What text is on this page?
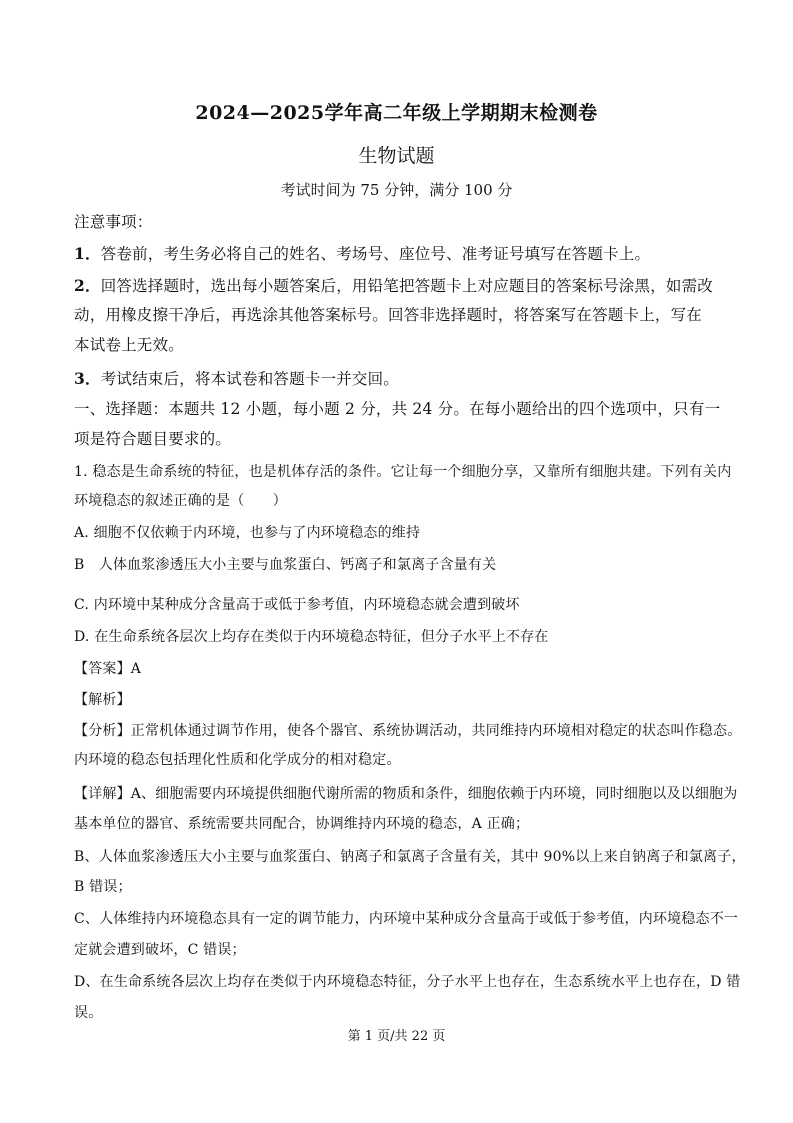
2024—2025学年高二年级上学期期末检测卷
生物试题
考试时间为 75 分钟，满分 100 分
注意事项：
1．答卷前，考生务必将自己的姓名、考场号、座位号、准考证号填写在答题卡上。
2．回答选择题时，选出每小题答案后，用铅笔把答题卡上对应题目的答案标号涂黑，如需改
动，用橡皮擦干净后，再选涂其他答案标号。回答非选择题时，将答案写在答题卡上，写在
本试卷上无效。
3．考试结束后，将本试卷和答题卡一并交回。
一、选择题：本题共 12 小题，每小题 2 分，共 24 分。在每小题给出的四个选项中，只有一
项是符合题目要求的。
1. 稳态是生命系统的特征，也是机体存活的条件。它让每一个细胞分享，又靠所有细胞共建。下列有关内
环境稳态的叙述正确的是（　　）
A. 细胞不仅依赖于内环境，也参与了内环境稳态的维持
B　人体血浆渗透压大小主要与血浆蛋白、钙离子和氯离子含量有关
C. 内环境中某种成分含量高于或低于参考值，内环境稳态就会遭到破坏
D. 在生命系统各层次上均存在类似于内环境稳态特征，但分子水平上不存在
【答案】A
【解析】
【分析】正常机体通过调节作用，使各个器官、系统协调活动，共同维持内环境相对稳定的状态叫作稳态。
内环境的稳态包括理化性质和化学成分的相对稳定。
【详解】A、细胞需要内环境提供细胞代谢所需的物质和条件，细胞依赖于内环境，同时细胞以及以细胞为
基本单位的器官、系统需要共同配合，协调维持内环境的稳态，A 正确；
B、人体血浆渗透压大小主要与血浆蛋白、钠离子和氯离子含量有关，其中 90%以上来自钠离子和氯离子，
B 错误；
C、人体维持内环境稳态具有一定的调节能力，内环境中某种成分含量高于或低于参考值，内环境稳态不一
定就会遭到破坏，C 错误；
D、在生命系统各层次上均存在类似于内环境稳态特征，分子水平上也存在，生态系统水平上也存在，D 错
误。
第 1 页/共 22 页
